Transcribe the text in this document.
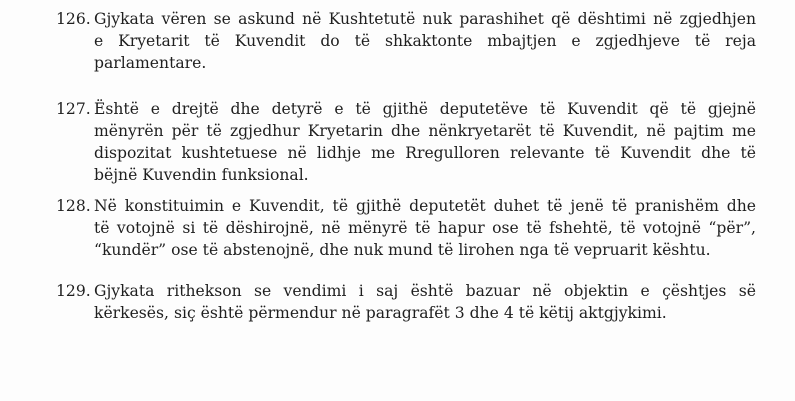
126. Gjykata vëren se askund në Kushtetutë nuk parashihet që dështimi në zgjedhjen
e Kryetarit të Kuvendit do të shkaktonte mbajtjen e zgjedhjeve të reja
parlamentare.
127. Është e drejtë dhe detyrë e të gjithë deputetëve të Kuvendit që të gjejnë
mënyrën për të zgjedhur Kryetarin dhe nënkryetarët të Kuvendit, në pajtim me
dispozitat kushtetuese në lidhje me Rregulloren relevante të Kuvendit dhe të
bëjnë Kuvendin funksional.
128. Në konstituimin e Kuvendit, të gjithë deputetët duhet të jenë të pranishëm dhe
të votojnë si të dëshirojnë, në mënyrë të hapur ose të fshehtë, të votojnë “për”,
“kundër” ose të abstenojnë, dhe nuk mund të lirohen nga të vepruarit kështu.
129. Gjykata rithekson se vendimi i saj është bazuar në objektin e çështjes së
kërkesës, siç është përmendur në paragrafët 3 dhe 4 të këtij aktgjykimi.
